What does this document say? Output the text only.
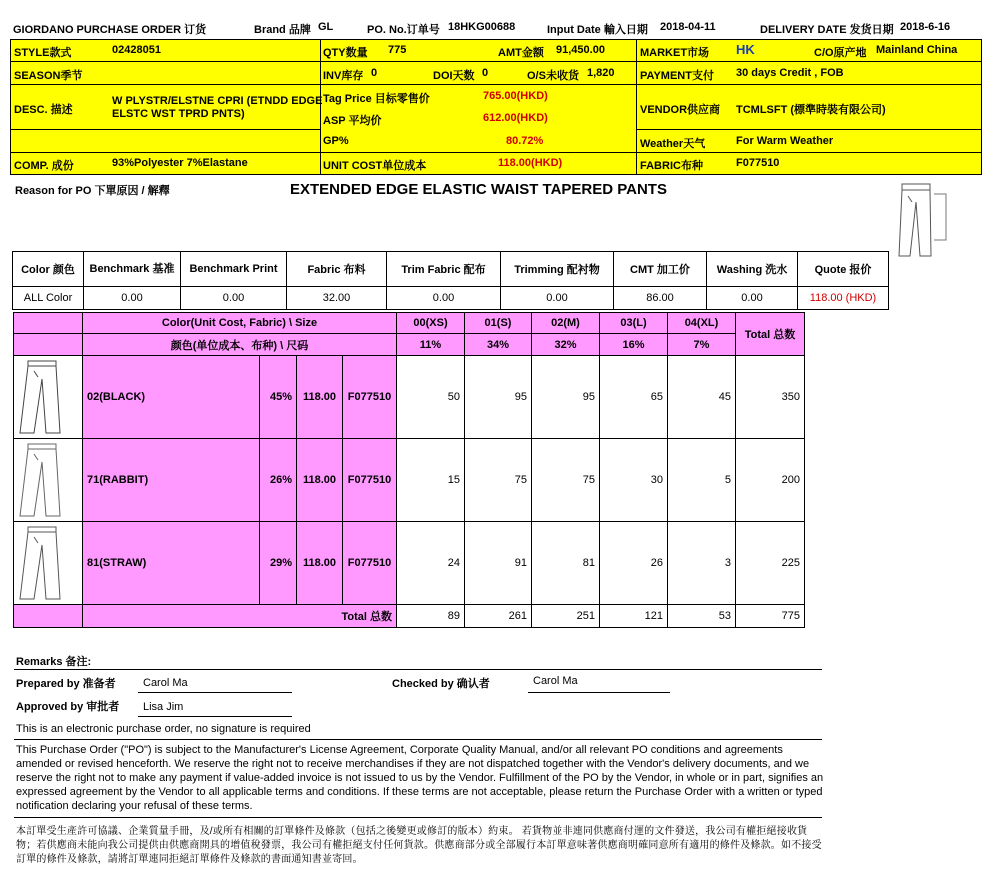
GIORDANO PURCHASE ORDER 订货	Brand 品牌 GL	PO. No.订单号 18HKG00688	Input Date 輸入日期 2018-04-11	DELIVERY DATE 发货日期 2018-6-16
STYLE款式	02428051
SEASON季节
DESC. 描述
W PLYSTR/ELSTNE CPRI (ETNDD EDGE
ELSTC WST TPRD PNTS)
COMP. 成份	93%Polyester 7%Elastane
QTY数量 775	AMT金额 91,450.00
INV库存 0	DOI天数 0	O/S未收货 1,820
Tag Price 目标零售价	765.00(HKD)
ASP 平均价	612.00(HKD)
GP%	80.72%
UNIT COST单位成本	118.00(HKD)
MARKET市场 HK	C/O原产地 Mainland China
PAYMENT支付 30 days Credit , FOB
VENDOR供应商 TCMLSFT (標準時裝有限公司)
Weather天气	For Warm Weather
FABRIC布种	F077510
Reason for PO 下單原因 / 解釋	EXTENDED EDGE ELASTIC WAIST TAPERED PANTS
Color 颜色	Benchmark 基准	Benchmark Print	Fabric 布料	Trim Fabric 配布	Trimming 配衬物	CMT 加工价	Washing 洗水	Quote 报价
ALL Color	0.00	0.00	32.00	0.00	0.00	86.00	0.00	118.00 (HKD)
Color(Unit Cost, Fabric) \ Size
颜色(单位成本、布种) \ 尺码
00(XS)	01(S)	02(M)	03(L)	04(XL)
11%	34%	32%	16%	7%
Total 总数
02(BLACK)	45% 118.00	F077510	50	95	95	65	45	350
71(RABBIT)	26% 118.00	F077510	15	75	75	30	5	200
81(STRAW)	29% 118.00	F077510	24	91	81	26	3	225
Total 总数	89	261	251	121	53	775
Remarks 备注:
Prepared by 准备者 Carol Ma	Checked by 确认者	Carol Ma
Approved by 审批者 Lisa Jim
This is an electronic purchase order, no signature is required
This Purchase Order ("PO") is subject to the Manufacturer's License Agreement, Corporate Quality Manual, and/or all relevant PO conditions and agreements amended or revised henceforth. We reserve the right not to receive merchandises if they are not dispatched together with the Vendor's delivery documents, and we reserve the right not to make any payment if value-added invoice is not issued to us by the Vendor. Fulfillment of the PO by the Vendor, in whole or in part, signifies an expressed agreement by the Vendor to all applicable terms and conditions. If these terms are not acceptable, please return the Purchase Order with a written or typed notification declaring your refusal of these terms.
本訂單受生產許可協議、企業質量手冊，及/或所有相關的訂單條件及條款（包括之後變更或修訂的版本）約束。 若貨物並非連同供應商付運的文件發送，我公司有權拒絕接收貨物；若供應商未能向我公司提供由供應商開具的增值稅發票，我公司有權拒絕支付任何貨款。供應商部分或全部履行本訂單意味著供應商明確同意所有適用的條件及條款。如不接受訂單的條件及條款，請將訂單連同拒絕訂單條件及條款的書面通知書並寄回。
